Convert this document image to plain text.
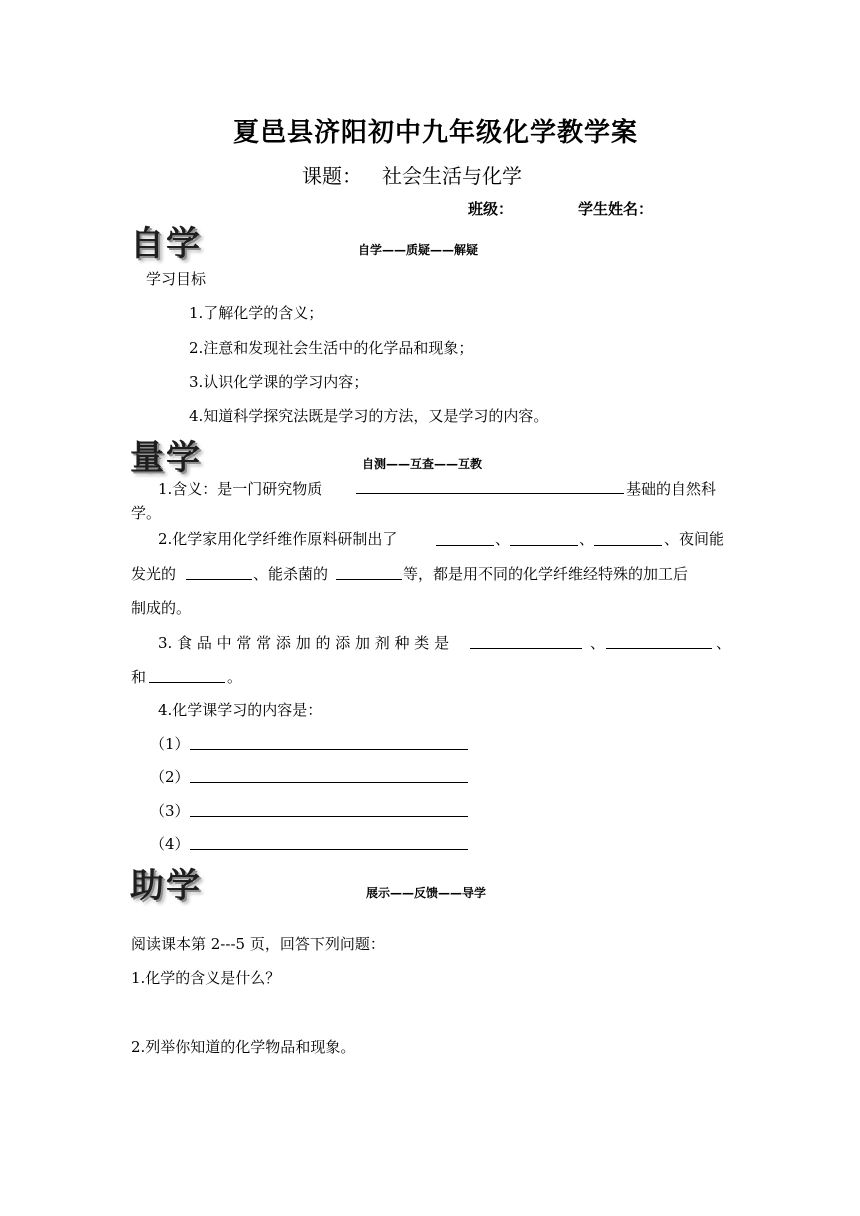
夏邑县济阳初中九年级化学教学案
课题： 社会生活与化学
班级：	学生姓名：
自学	自学——质疑——解疑
学习目标
1.了解化学的含义；
2.注意和发现社会生活中的化学品和现象；
3.认识化学课的学习内容；
4.知道科学探究法既是学习的方法，又是学习的内容。
量学	自测——互查——互教
1.含义：是一门研究物质	基础的自然科
学。
2.化学家用化学纤维作原料研制出了	、	、	、夜间能
发光的	、能杀菌的	等，都是用不同的化学纤维经特殊的加工后
制成的。
3. 食 品 中 常 常 添 加 的 添 加 剂 种 类 是	、	、
和	。
4.化学课学习的内容是：
（1）
（2）
（3）
（4）
助学	展示——反馈——导学
阅读课本第 2---5 页，回答下列问题：
1.化学的含义是什么？
2.列举你知道的化学物品和现象。
